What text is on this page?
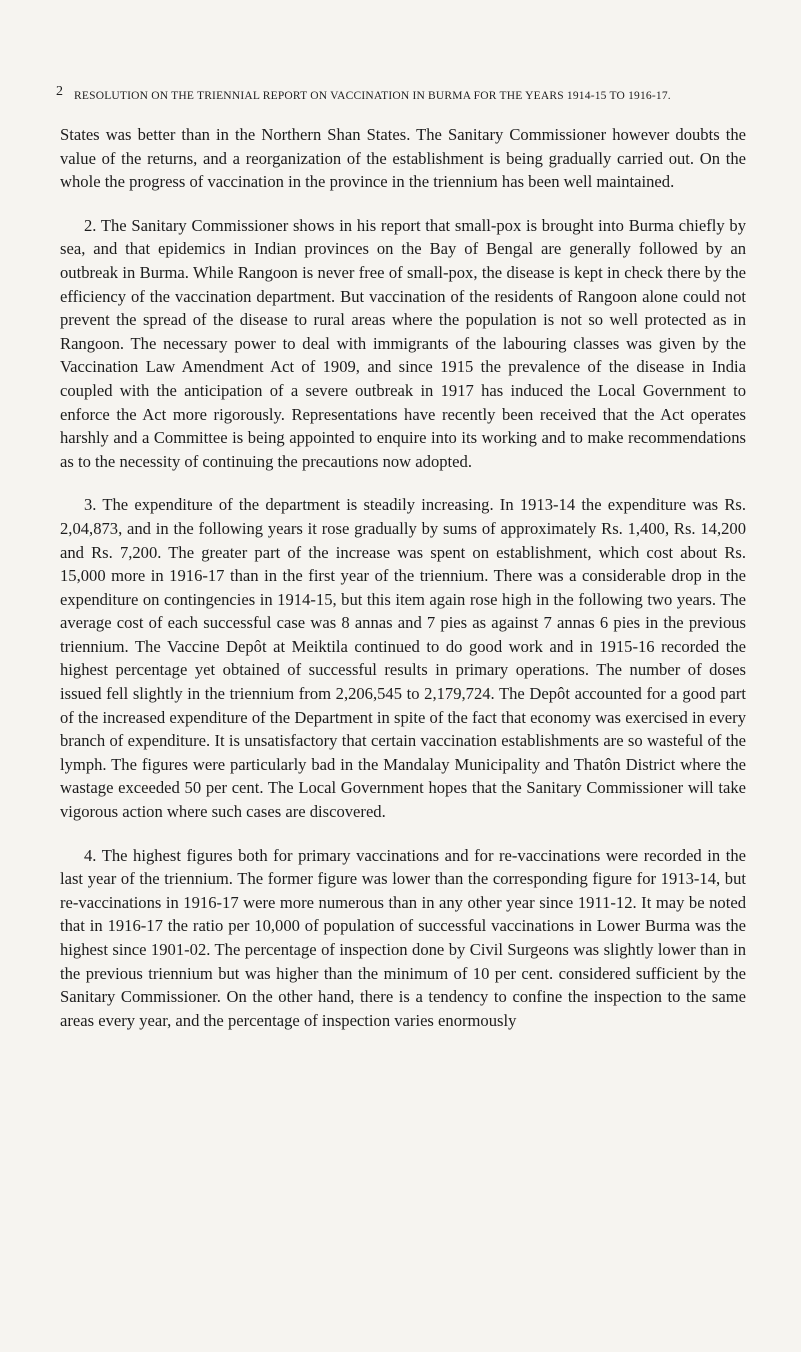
2 RESOLUTION ON THE TRIENNIAL REPORT ON VACCINATION IN BURMA FOR THE YEARS 1914-15 TO 1916-17.

States was better than in the Northern Shan States. The Sanitary Commissioner however doubts the value of the returns, and a reorganization of the establishment is being gradually carried out. On the whole the progress of vaccination in the province in the triennium has been well maintained.

2. The Sanitary Commissioner shows in his report that small-pox is brought into Burma chiefly by sea, and that epidemics in Indian provinces on the Bay of Bengal are generally followed by an outbreak in Burma. While Rangoon is never free of small-pox, the disease is kept in check there by the efficiency of the vaccination department. But vaccination of the residents of Rangoon alone could not prevent the spread of the disease to rural areas where the population is not so well protected as in Rangoon. The necessary power to deal with immigrants of the labouring classes was given by the Vaccination Law Amendment Act of 1909, and since 1915 the prevalence of the disease in India coupled with the anticipation of a severe outbreak in 1917 has induced the Local Government to enforce the Act more rigorously. Representations have recently been received that the Act operates harshly and a Committee is being appointed to enquire into its working and to make recommendations as to the necessity of continuing the precautions now adopted.

3. The expenditure of the department is steadily increasing. In 1913-14 the expenditure was Rs. 2,04,873, and in the following years it rose gradually by sums of approximately Rs. 1,400, Rs. 14,200 and Rs. 7,200. The greater part of the increase was spent on establishment, which cost about Rs. 15,000 more in 1916-17 than in the first year of the triennium. There was a considerable drop in the expenditure on contingencies in 1914-15, but this item again rose high in the following two years. The average cost of each successful case was 8 annas and 7 pies as against 7 annas 6 pies in the previous triennium. The Vaccine Depôt at Meiktila continued to do good work and in 1915-16 recorded the highest percentage yet obtained of successful results in primary operations. The number of doses issued fell slightly in the triennium from 2,206,545 to 2,179,724. The Depôt accounted for a good part of the increased expenditure of the Department in spite of the fact that economy was exercised in every branch of expenditure. It is unsatisfactory that certain vaccination establishments are so wasteful of the lymph. The figures were particularly bad in the Mandalay Municipality and Thatôn District where the wastage exceeded 50 per cent. The Local Government hopes that the Sanitary Commissioner will take vigorous action where such cases are discovered.

4. The highest figures both for primary vaccinations and for re-vaccinations were recorded in the last year of the triennium. The former figure was lower than the corresponding figure for 1913-14, but re-vaccinations in 1916-17 were more numerous than in any other year since 1911-12. It may be noted that in 1916-17 the ratio per 10,000 of population of successful vaccinations in Lower Burma was the highest since 1901-02. The percentage of inspection done by Civil Surgeons was slightly lower than in the previous triennium but was higher than the minimum of 10 per cent. considered sufficient by the Sanitary Commissioner. On the other hand, there is a tendency to confine the inspection to the same areas every year, and the percentage of inspection varies enormously
